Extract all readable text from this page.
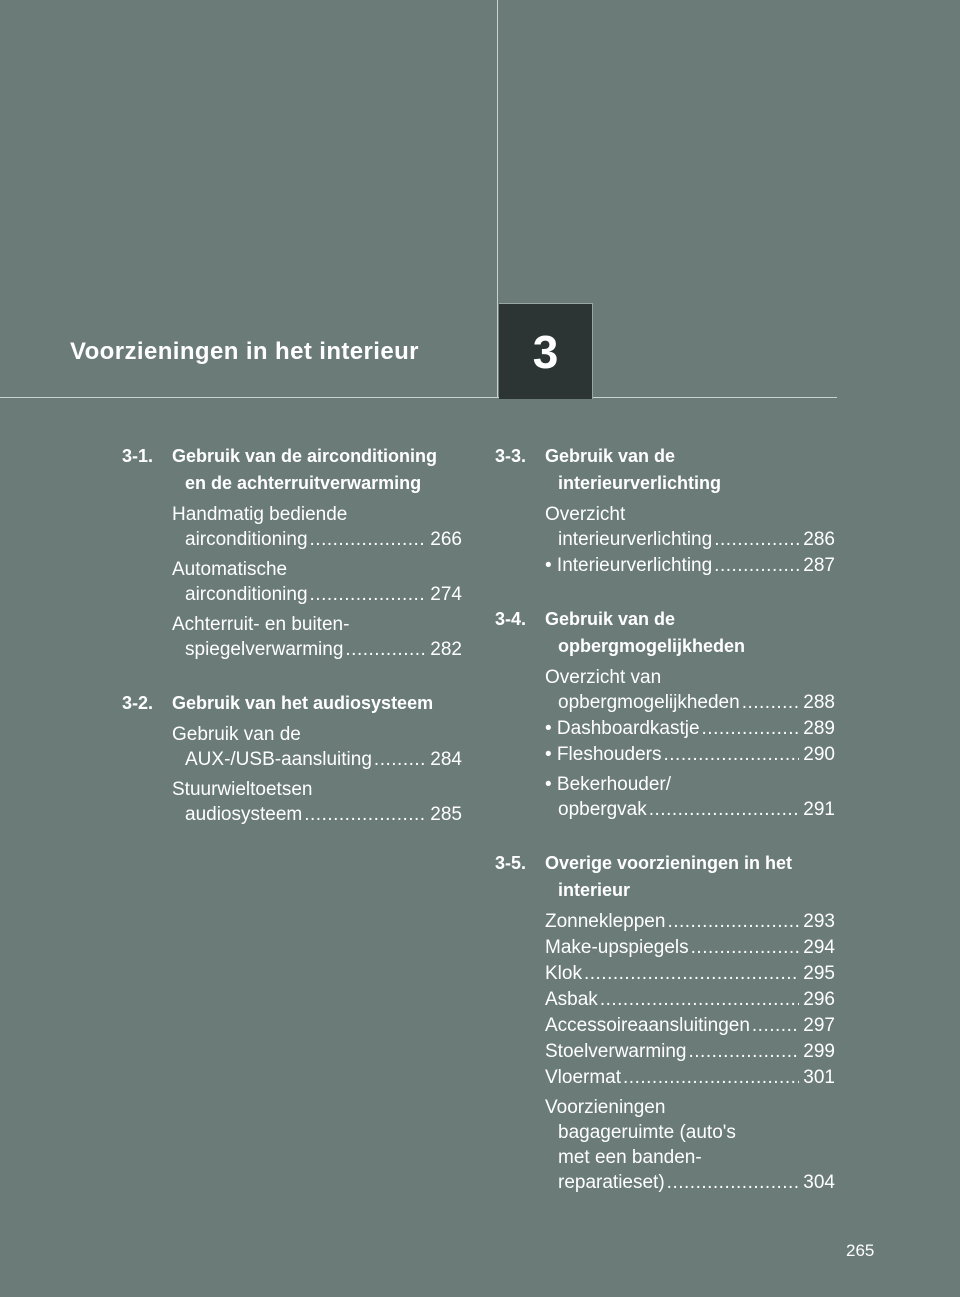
Voorzieningen in het interieur 3
3-1. Gebruik van de airconditioning en de achterruitverwarming
Handmatig bediende
airconditioning .....	266
Automatische
airconditioning .....	274
Achterruit- en buiten-
spiegelverwarming .....	282
3-2. Gebruik van het audiosysteem
Gebruik van de
AUX-/USB-aansluiting .....	284
Stuurwieltoetsen
audiosysteem .....	285
3-3. Gebruik van de interieurverlichting
Overzicht
interieurverlichting .....	286
• Interieurverlichting .....	287
3-4. Gebruik van de opbergmogelijkheden
Overzicht van
opbergmogelijkheden .....	288
• Dashboardkastje .....	289
• Fleshouders .....	290
• Bekerhouder/
opbergvak .....	291
3-5. Overige voorzieningen in het interieur
Zonnekleppen .....	293
Make-upspiegels .....	294
Klok .....	295
Asbak .....	296
Accessoireaansluitingen .....	297
Stoelverwarming .....	299
Vloermat .....	301
Voorzieningen
bagageruimte (auto's
met een banden-
reparatieset) .....	304
265
